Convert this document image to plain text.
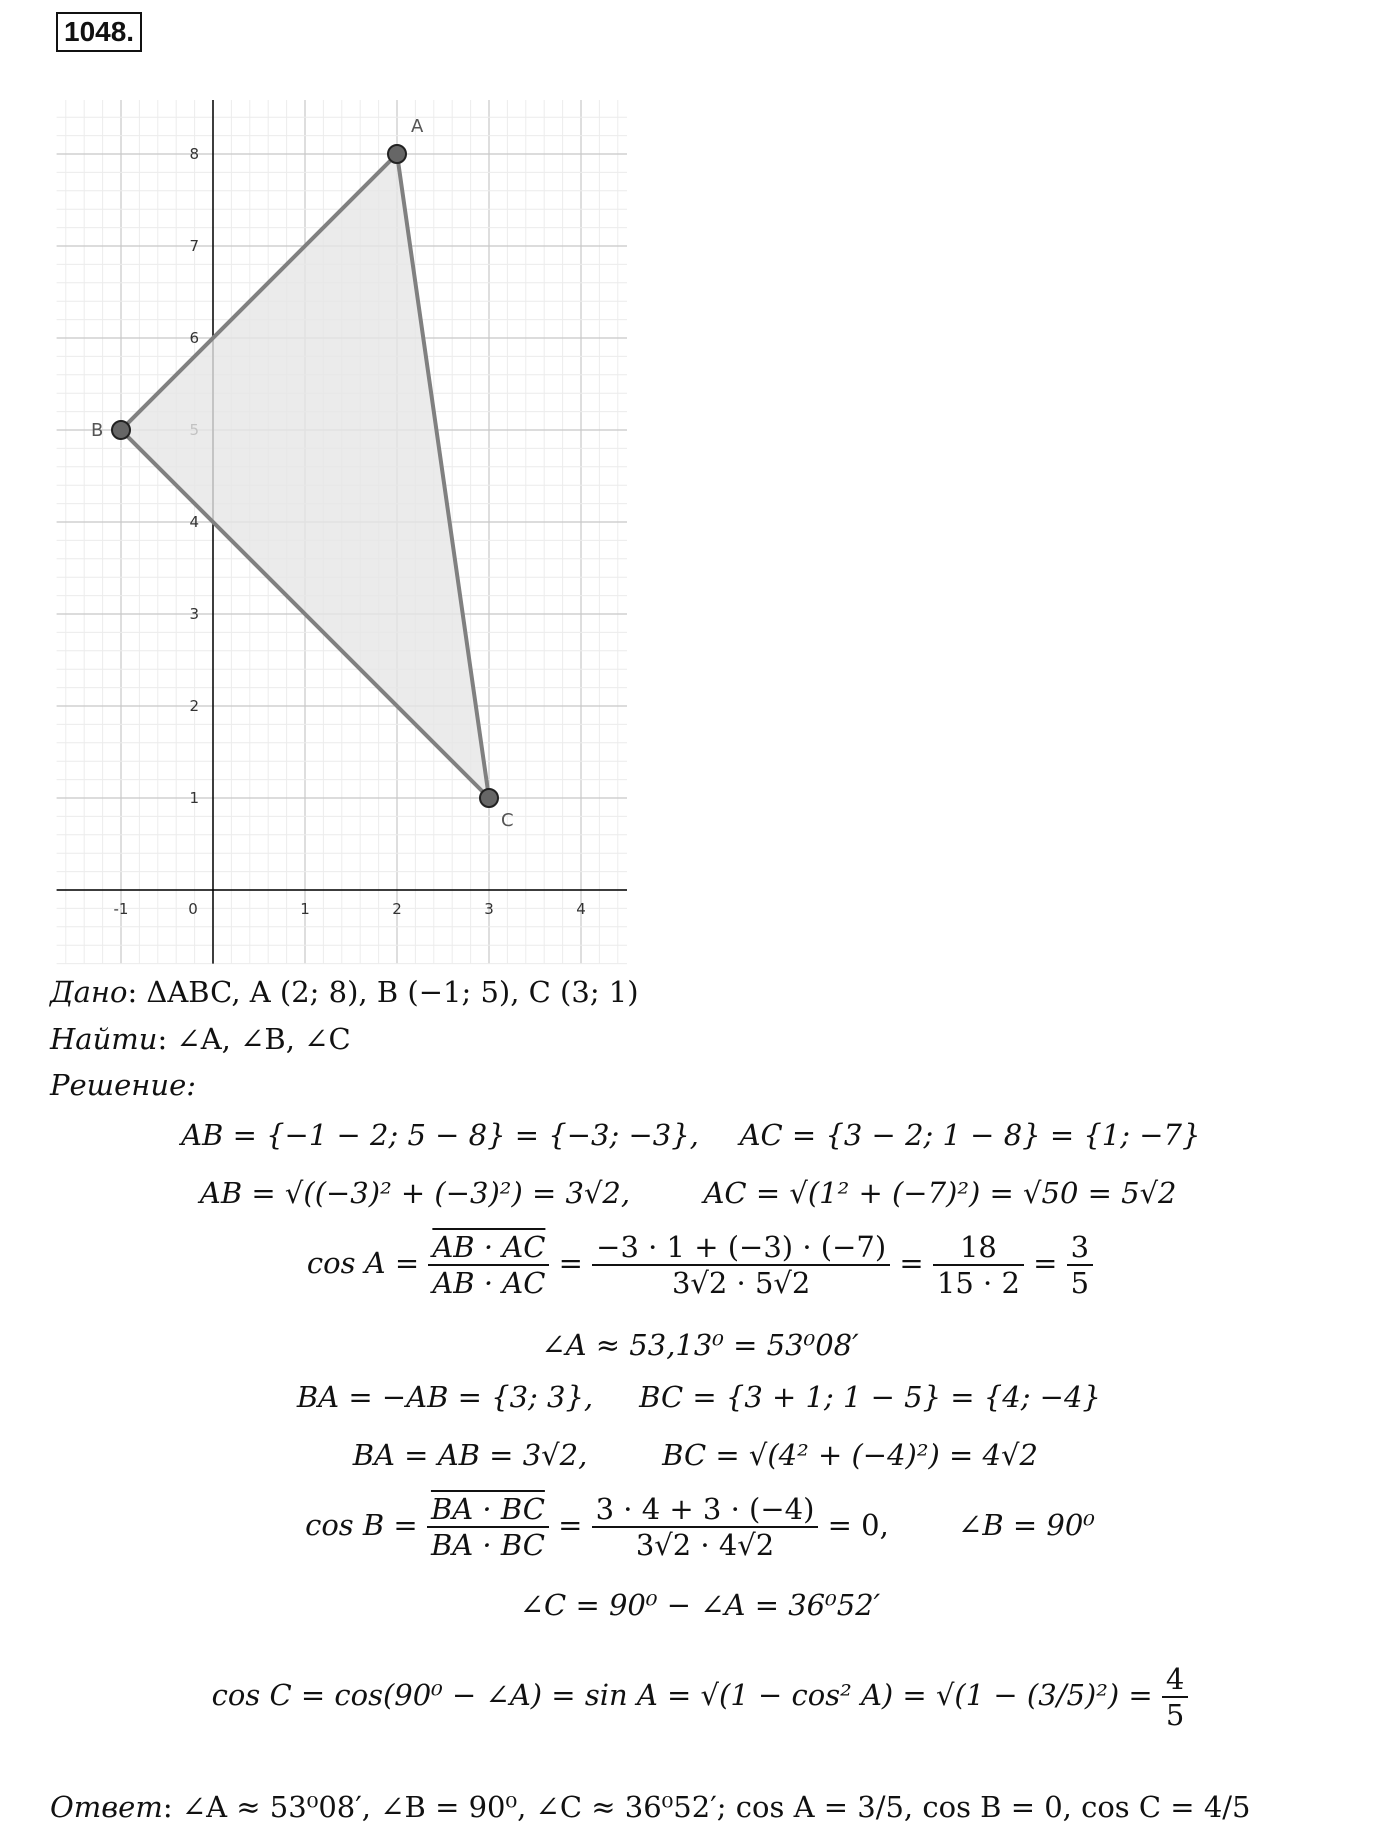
1048.
-1	0	1	2	3	4
1
2
3
4
6
7
8
A
B
C
Дано: ΔABC, A (2; 8), B (−1; 5), C (3; 1)
Найти: ∠A, ∠B, ∠C
Решение:
AB = {−1 − 2; 5 − 8} = {−3; −3}, AC = {3 − 2; 1 − 8} = {1; −7}
AB = √((−3)² + (−3)²) = 3√2,	AC = √(1² + (−7)²) = √50 = 5√2
$\cos A = \frac{AB \cdot AC}{AB \cdot AC} = \frac{-3 \cdot 1 + (-3) \cdot (-7)}{3√2 \cdot 5√2} = \frac{18}{15 \cdot 2} = \frac{3}{5}$
∠A ≈ 53,13⁰ = 53⁰08′
BA = −AB = {3; 3}, BC = {3 + 1; 1 − 5} = {4; −4}
BA = AB = 3√2,	BC = √(4² + (−4)²) = 4√2
$\cos B = \frac{BA \cdot BC}{BA \cdot BC} = \frac{3 \cdot 4 + 3 \cdot (-4)}{3√2 \cdot 4√2} = 0$, ∠B = 90⁰
∠C = 90⁰ − ∠A = 36⁰52′
cos C = cos(90⁰ − ∠A) = sin A = √(1 − cos² $A) = √(1 - (3/5)^2) = \frac{4}{5}$
Ответ: ∠A ≈ 53⁰08′, ∠B = 90⁰, ∠C ≈ 36⁰52′; cos A = 3/5, cos B = 0, cos C = 4/5
